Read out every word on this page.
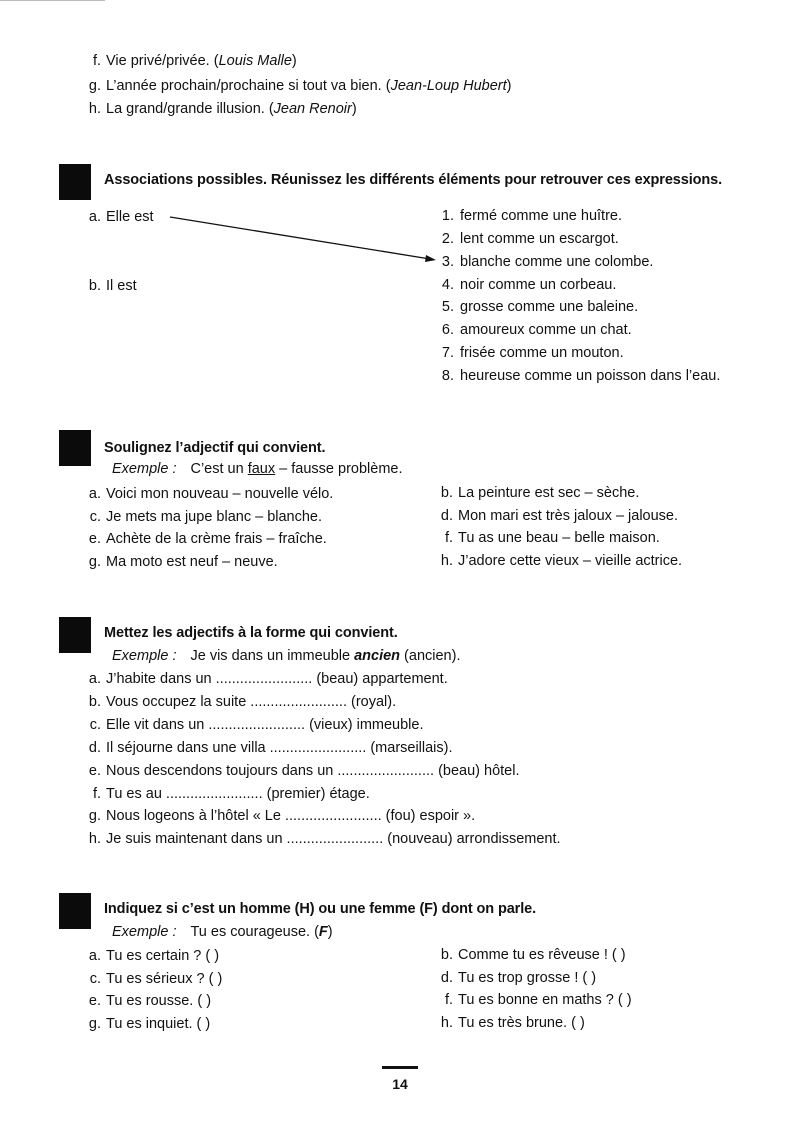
f. Vie privé/privée. (Louis Malle)
g. L’année prochain/prochaine si tout va bien. (Jean-Loup Hubert)
h. La grand/grande illusion. (Jean Renoir)
Associations possibles. Réunissez les différents éléments pour retrouver ces expressions.
a. Elle est
b. Il est
1. fermé comme une huître.
2. lent comme un escargot.
3. blanche comme une colombe.
4. noir comme un corbeau.
5. grosse comme une baleine.
6. amoureux comme un chat.
7. frisée comme un mouton.
8. heureuse comme un poisson dans l’eau.
Soulignez l’adjectif qui convient.
Exemple : C’est un faux – fausse problème.
a. Voici mon nouveau – nouvelle vélo.	b. La peinture est sec – sèche.
c. Je mets ma jupe blanc – blanche.	d. Mon mari est très jaloux – jalouse.
e. Achète de la crème frais – fraîche.	f. Tu as une beau – belle maison.
g. Ma moto est neuf – neuve.	h. J’adore cette vieux – vieille actrice.
Mettez les adjectifs à la forme qui convient.
Exemple : Je vis dans un immeuble ancien (ancien).
a. J’habite dans un ........................ (beau) appartement.
b. Vous occupez la suite ........................ (royal).
c. Elle vit dans un ........................ (vieux) immeuble.
d. Il séjourne dans une villa ........................ (marseillais).
e. Nous descendons toujours dans un ........................ (beau) hôtel.
f. Tu es au ........................ (premier) étage.
g. Nous logeons à l’hôtel « Le ........................ (fou) espoir ».
h. Je suis maintenant dans un ........................ (nouveau) arrondissement.
Indiquez si c’est un homme (H) ou une femme (F) dont on parle.
Exemple : Tu es courageuse. (F)
a. Tu es certain ? ( )	b. Comme tu es rêveuse ! ( )
c. Tu es sérieux ? ( )	d. Tu es trop grosse ! ( )
e. Tu es rousse. ( )	f. Tu es bonne en maths ? ( )
g. Tu es inquiet. ( )	h. Tu es très brune. ( )
14
